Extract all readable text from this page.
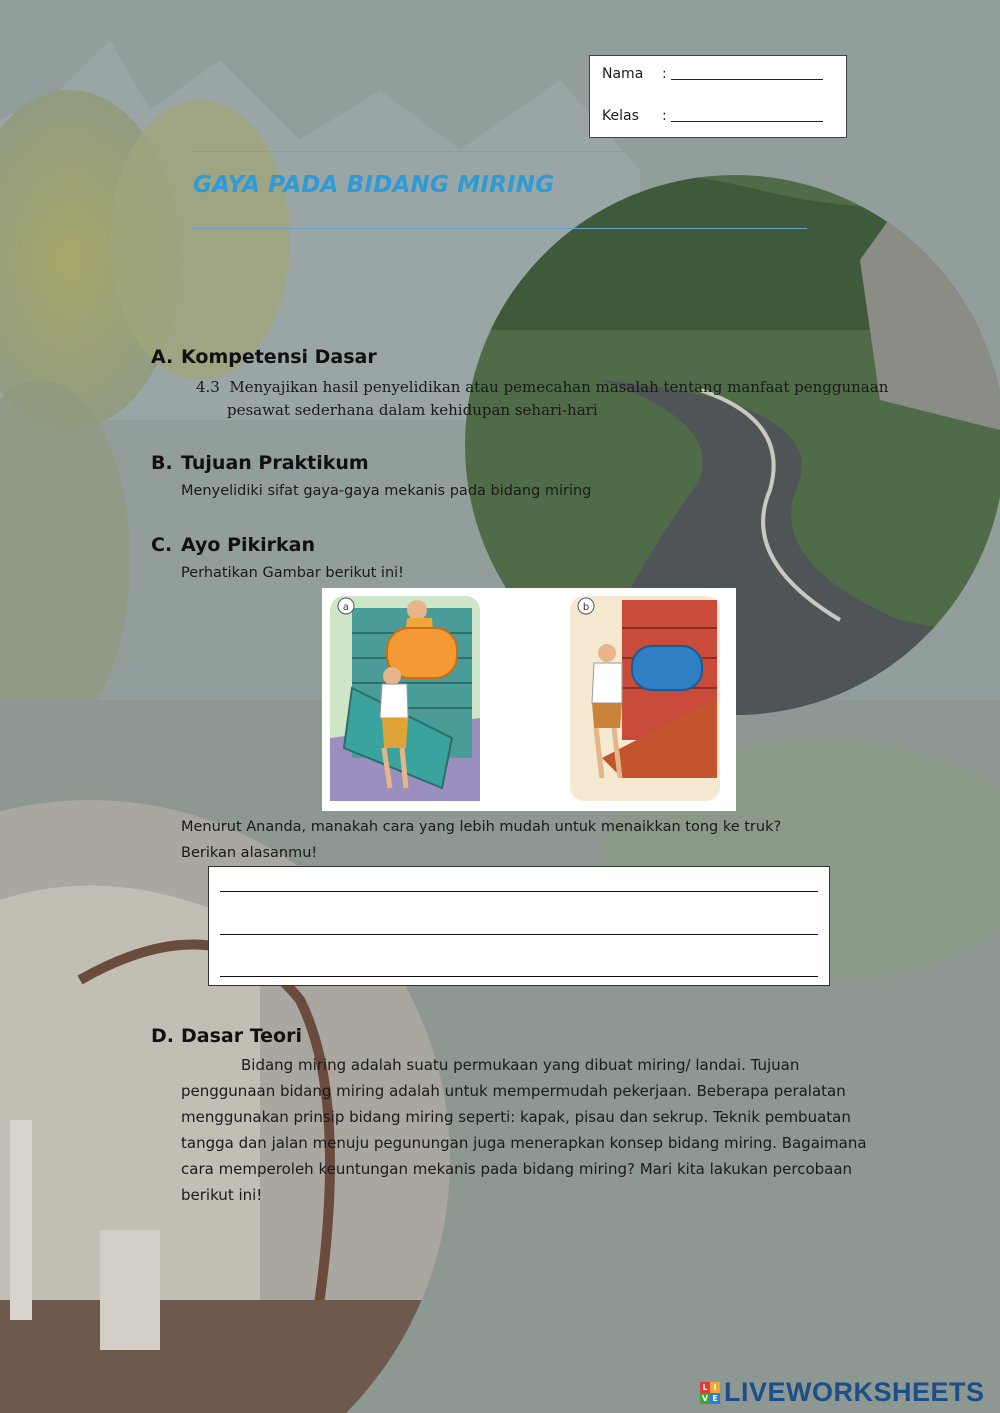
Nama :
Kelas :
GAYA PADA BIDANG MIRING
A. Kompetensi Dasar
4.3 Menyajikan hasil penyelidikan atau pemecahan masalah tentang manfaat penggunaan
pesawat sederhana dalam kehidupan sehari-hari
B. Tujuan Praktikum
Menyelidiki sifat gaya-gaya mekanis pada bidang miring
C. Ayo Pikirkan
Perhatikan Gambar berikut ini!
a	b
Menurut Ananda, manakah cara yang lebih mudah untuk menaikkan tong ke truk?
Berikan alasanmu!
D. Dasar Teori
Bidang miring adalah suatu permukaan yang dibuat miring/ landai. Tujuan
penggunaan bidang miring adalah untuk mempermudah pekerjaan. Beberapa peralatan
menggunakan prinsip bidang miring seperti: kapak, pisau dan sekrup. Teknik pembuatan
tangga dan jalan menuju pegunungan juga menerapkan konsep bidang miring. Bagaimana
cara memperoleh keuntungan mekanis pada bidang miring? Mari kita lakukan percobaan
berikut ini!
L I
V E LIVEWORKSHEETS
